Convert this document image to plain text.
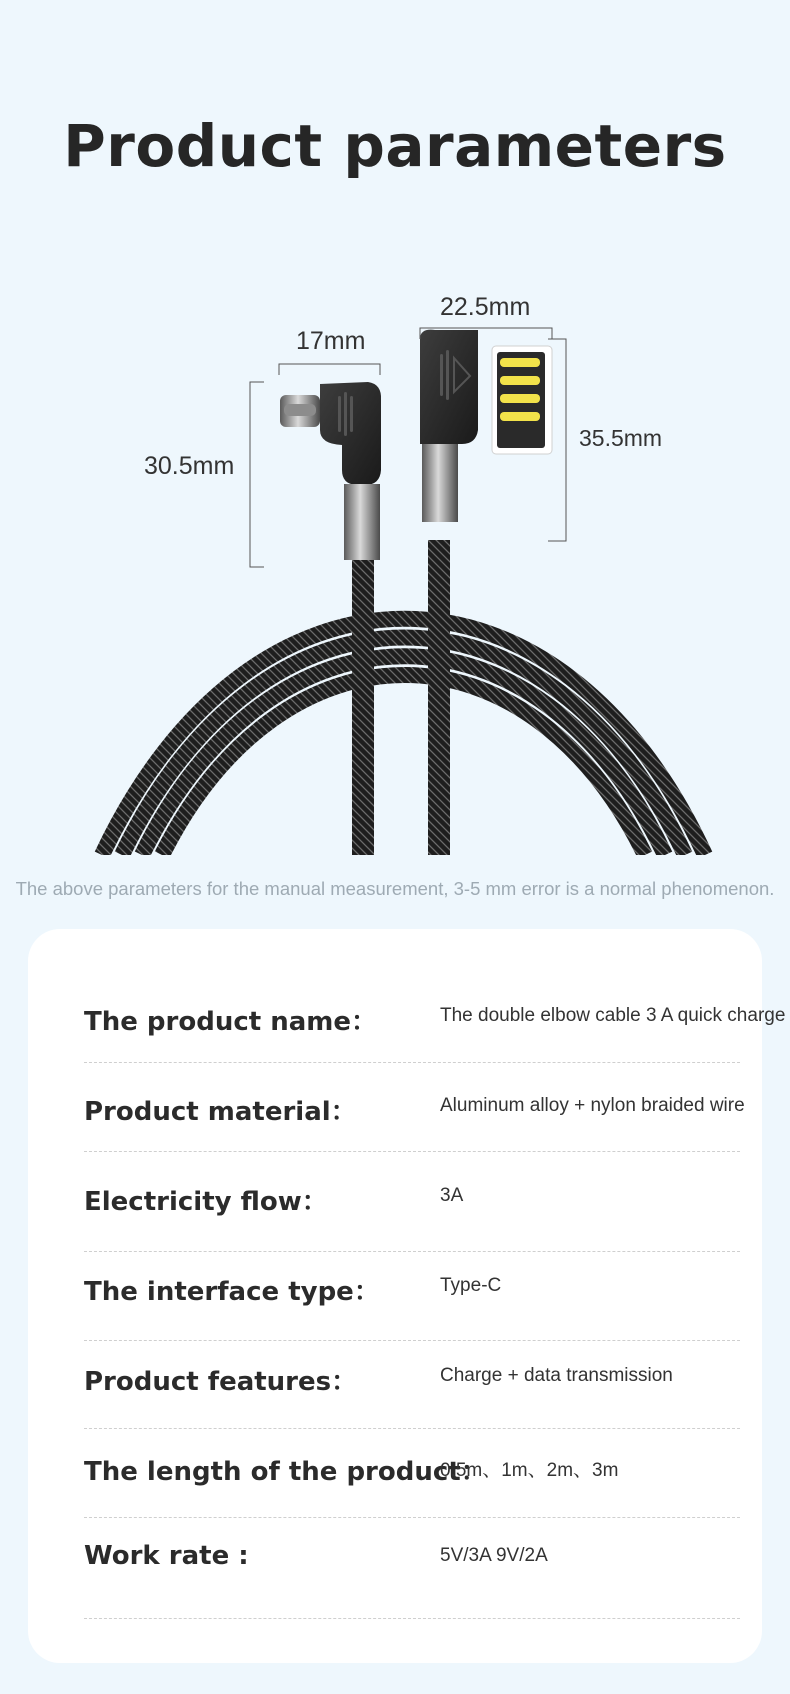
Product parameters
17mm
22.5mm
30.5mm
35.5mm
The above parameters for the manual measurement, 3-5 mm error is a normal phenomenon.
The product name：	The double elbow cable 3 A quick charge
Product material：	Aluminum alloy + nylon braided wire
Electricity flow：	3A
The interface type：	Type-C
Product features：	Charge + data transmission
The length of the product：
0.5m、1m、2m、3m
Work rate :	5V/3A 9V/2A
